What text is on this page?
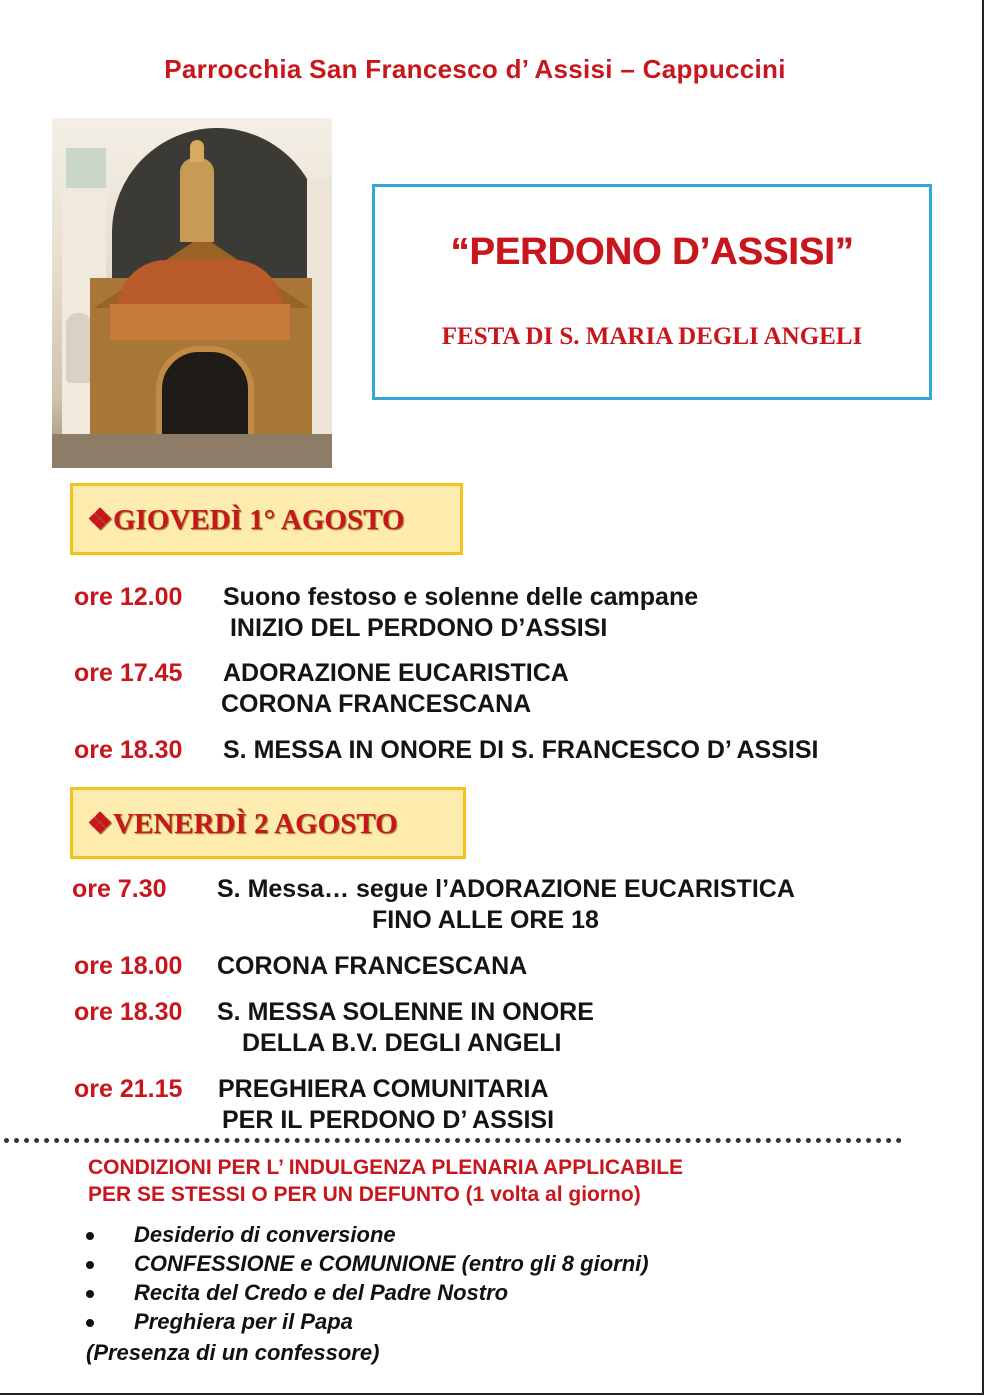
Parrocchia San Francesco d’ Assisi – Cappuccini
“PERDONO D’ASSISI”
FESTA DI S. MARIA DEGLI ANGELI
❖GIOVEDÌ 1° AGOSTO
ore 12.00 Suono festoso e solenne delle campane
INIZIO DEL PERDONO D’ASSISI
ore 17.45 ADORAZIONE EUCARISTICA
CORONA FRANCESCANA
ore 18.30 S. MESSA IN ONORE DI S. FRANCESCO D’ ASSISI
❖VENERDÌ 2 AGOSTO
ore 7.30 S. Messa… segue l’ADORAZIONE EUCARISTICA
FINO ALLE ORE 18
ore 18.00 CORONA FRANCESCANA
ore 18.30 S. MESSA SOLENNE IN ONORE
DELLA B.V. DEGLI ANGELI
ore 21.15 PREGHIERA COMUNITARIA
PER IL PERDONO D’ ASSISI
CONDIZIONI PER L’ INDULGENZA PLENARIA APPLICABILE
PER SE STESSI O PER UN DEFUNTO (1 volta al giorno)
Desiderio di conversione
CONFESSIONE e COMUNIONE (entro gli 8 giorni)
Recita del Credo e del Padre Nostro
Preghiera per il Papa
(Presenza di un confessore)
